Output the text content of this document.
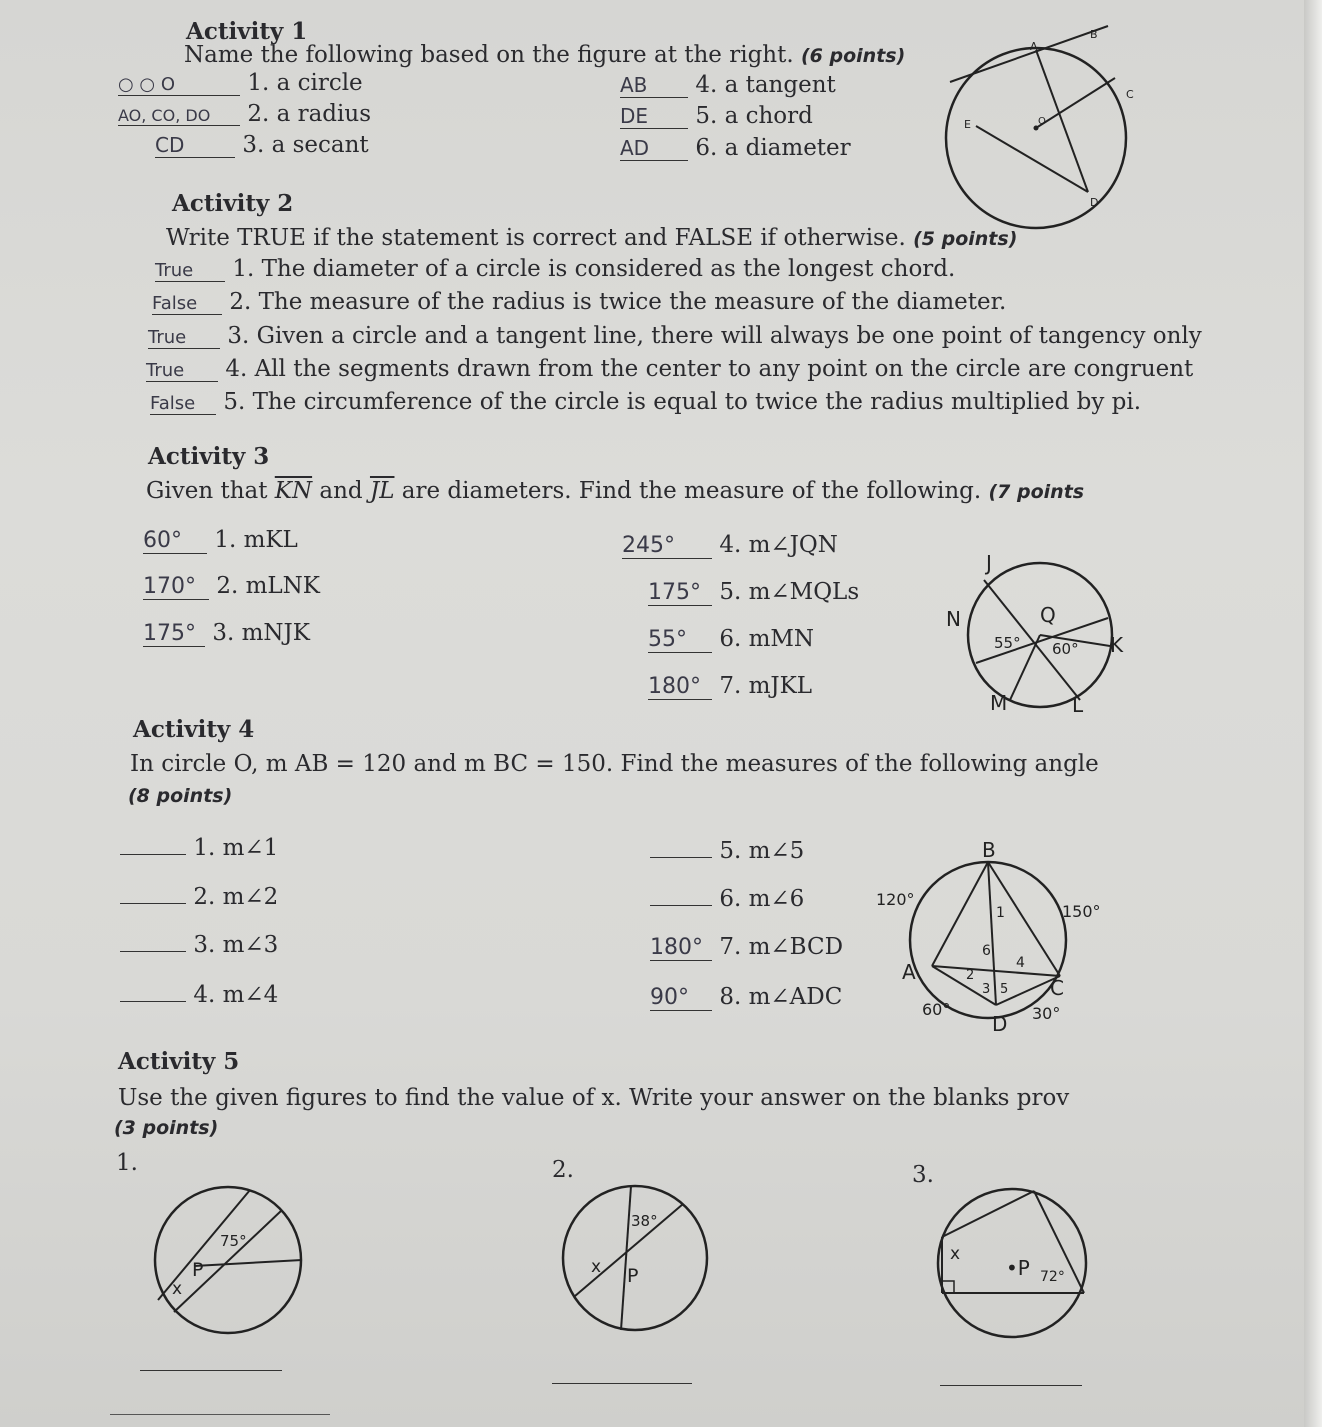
Activity 1
Name the following based on the figure at the right. (6 points)
○ ○ O	1. a circle
AO, CO, DO 2. a radius
CD	3. a secant
AB 4. a tangent
DE 5. a chord
AD 6. a diameter
A
B
C
D
E	O
Activity 2
Write TRUE if the statement is correct and FALSE if otherwise. (5 points)
True 1. The diameter of a circle is considered as the longest chord.
False 2. The measure of the radius is twice the measure of the diameter.
True 3. Given a circle and a tangent line, there will always be one point of tangency only
True 4. All the segments drawn from the center to any point on the circle are congruent
False 5. The circumference of the circle is equal to twice the radius multiplied by pi.
Activity 3
Given that $\overline{KN}$ and $\overline{JL}$ are diameters. Find the measure of the following. (7 points
60° 1. mKL
170° 2. mLNK
175° 3. mNJK
245° 4. m∠JQN
175° 5. m∠MQLs
55° 6. mMN
180° 7. mJKL
J
N	Q
K
M	L
55° 60°
Activity 4
In circle O, m AB = 120 and m BC = 150. Find the measures of the following angle
(8 points)
1. m∠1
2. m∠2
3. m∠3
4. m∠4
5. m∠5
6. m∠6
180° 7. m∠BCD
90° 8. m∠ADC
B
A
C
D
120°
150°
60°	30°
1
2
3
4
5
6
Activity 5
Use the given figures to find the value of x. Write your answer on the blanks prov
(3 points)
1.	2.	3.
75°
P
x
38°
P
x
x
•P 72°
